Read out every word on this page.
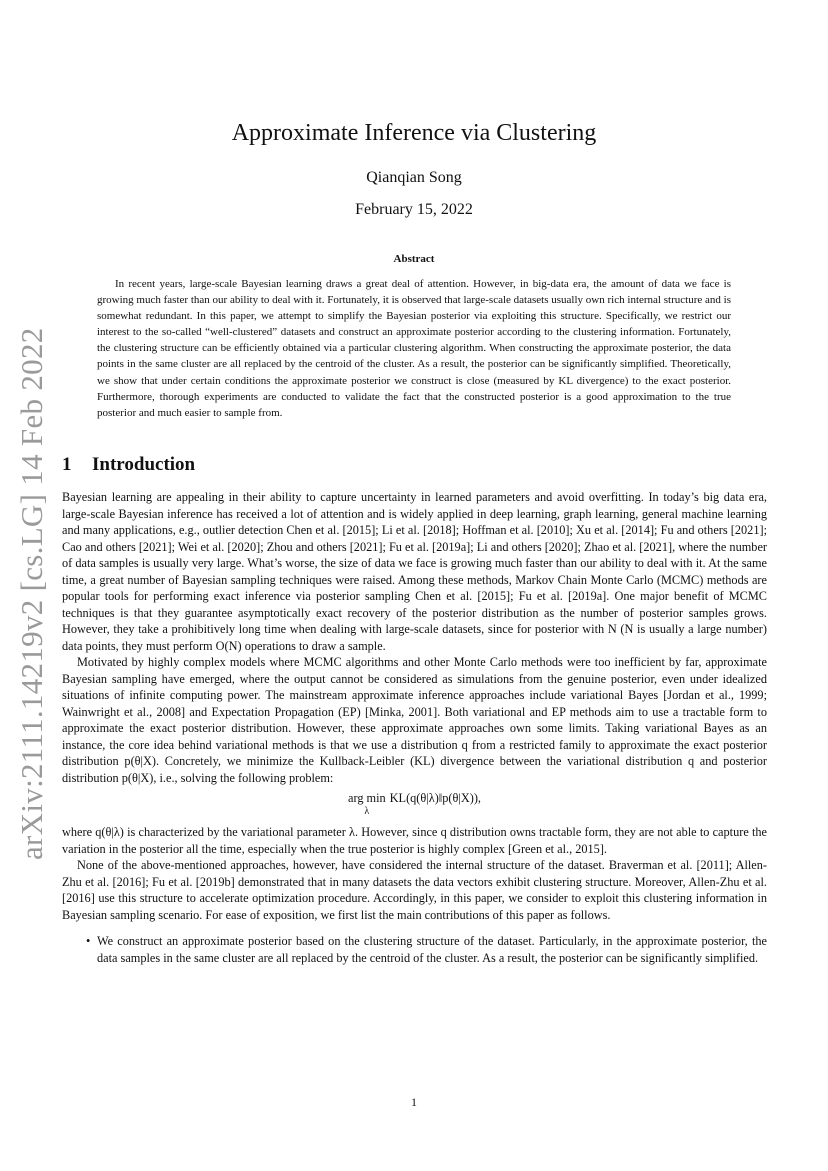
arXiv:2111.14219v2 [cs.LG] 14 Feb 2022
Approximate Inference via Clustering
Qianqian Song
February 15, 2022
Abstract

In recent years, large-scale Bayesian learning draws a great deal of attention. However, in big-data era, the amount of data we face is growing much faster than our ability to deal with it. Fortunately, it is observed that large-scale datasets usually own rich internal structure and is somewhat redundant. In this paper, we attempt to simplify the Bayesian posterior via exploiting this structure. Specifically, we restrict our interest to the so-called “well-clustered” datasets and construct an approximate posterior according to the clustering information. Fortunately, the clustering structure can be efficiently obtained via a particular clustering algorithm. When constructing the approximate posterior, the data points in the same cluster are all replaced by the centroid of the cluster. As a result, the posterior can be significantly simplified. Theoretically, we show that under certain conditions the approximate posterior we construct is close (measured by KL divergence) to the exact posterior. Furthermore, thorough experiments are conducted to validate the fact that the constructed posterior is a good approximation to the true posterior and much easier to sample from.

1 Introduction

Bayesian learning are appealing in their ability to capture uncertainty in learned parameters and avoid overfitting. In today’s big data era, large-scale Bayesian inference has received a lot of attention and is widely applied in deep learning, graph learning, general machine learning and many applications, e.g., outlier detection Chen et al. [2015]; Li et al. [2018]; Hoffman et al. [2010]; Xu et al. [2014]; Fu and others [2021]; Cao and others [2021]; Wei et al. [2020]; Zhou and others [2021]; Fu et al. [2019a]; Li and others [2020]; Zhao et al. [2021], where the number of data samples is usually very large. What’s worse, the size of data we face is growing much faster than our ability to deal with it. At the same time, a great number of Bayesian sampling techniques were raised. Among these methods, Markov Chain Monte Carlo (MCMC) methods are popular tools for performing exact inference via posterior sampling Chen et al. [2015]; Fu et al. [2019a]. One major benefit of MCMC techniques is that they guarantee asymptotically exact recovery of the posterior distribution as the number of posterior samples grows. However, they take a prohibitively long time when dealing with large-scale datasets, since for posterior with N (N is usually a large number) data points, they must perform O(N) operations to draw a sample.

Motivated by highly complex models where MCMC algorithms and other Monte Carlo methods were too inefficient by far, approximate Bayesian sampling have emerged, where the output cannot be considered as simulations from the genuine posterior, even under idealized situations of infinite computing power. The mainstream approximate inference approaches include variational Bayes [Jordan et al., 1999; Wainwright et al., 2008] and Expectation Propagation (EP) [Minka, 2001]. Both variational and EP methods aim to use a tractable form to approximate the exact posterior distribution. However, these approximate approaches own some limits. Taking variational Bayes as an instance, the core idea behind variational methods is that we use a distribution q from a restricted family to approximate the exact posterior distribution p(θ|X). Concretely, we minimize the Kullback-Leibler (KL) divergence between the variational distribution q and posterior distribution p(θ|X), i.e., solving the following problem:

arg min
λ
KL(q(θ|λ)‖p(θ|X)),

where q(θ|λ) is characterized by the variational parameter λ. However, since q distribution owns tractable form, they are not able to capture the variation in the posterior all the time, especially when the true posterior is highly complex [Green et al., 2015].

None of the above-mentioned approaches, however, have considered the internal structure of the dataset. Braverman et al. [2011]; Allen-Zhu et al. [2016]; Fu et al. [2019b] demonstrated that in many datasets the data vectors exhibit clustering structure. Moreover, Allen-Zhu et al. [2016] use this structure to accelerate optimization procedure. Accordingly, in this paper, we consider to exploit this clustering information in Bayesian sampling scenario. For ease of exposition, we first list the main contributions of this paper as follows.

• We construct an approximate posterior based on the clustering structure of the dataset. Particularly, in the approximate posterior, the data samples in the same cluster are all replaced by the centroid of the cluster. As a result, the posterior can be significantly simplified.
1
